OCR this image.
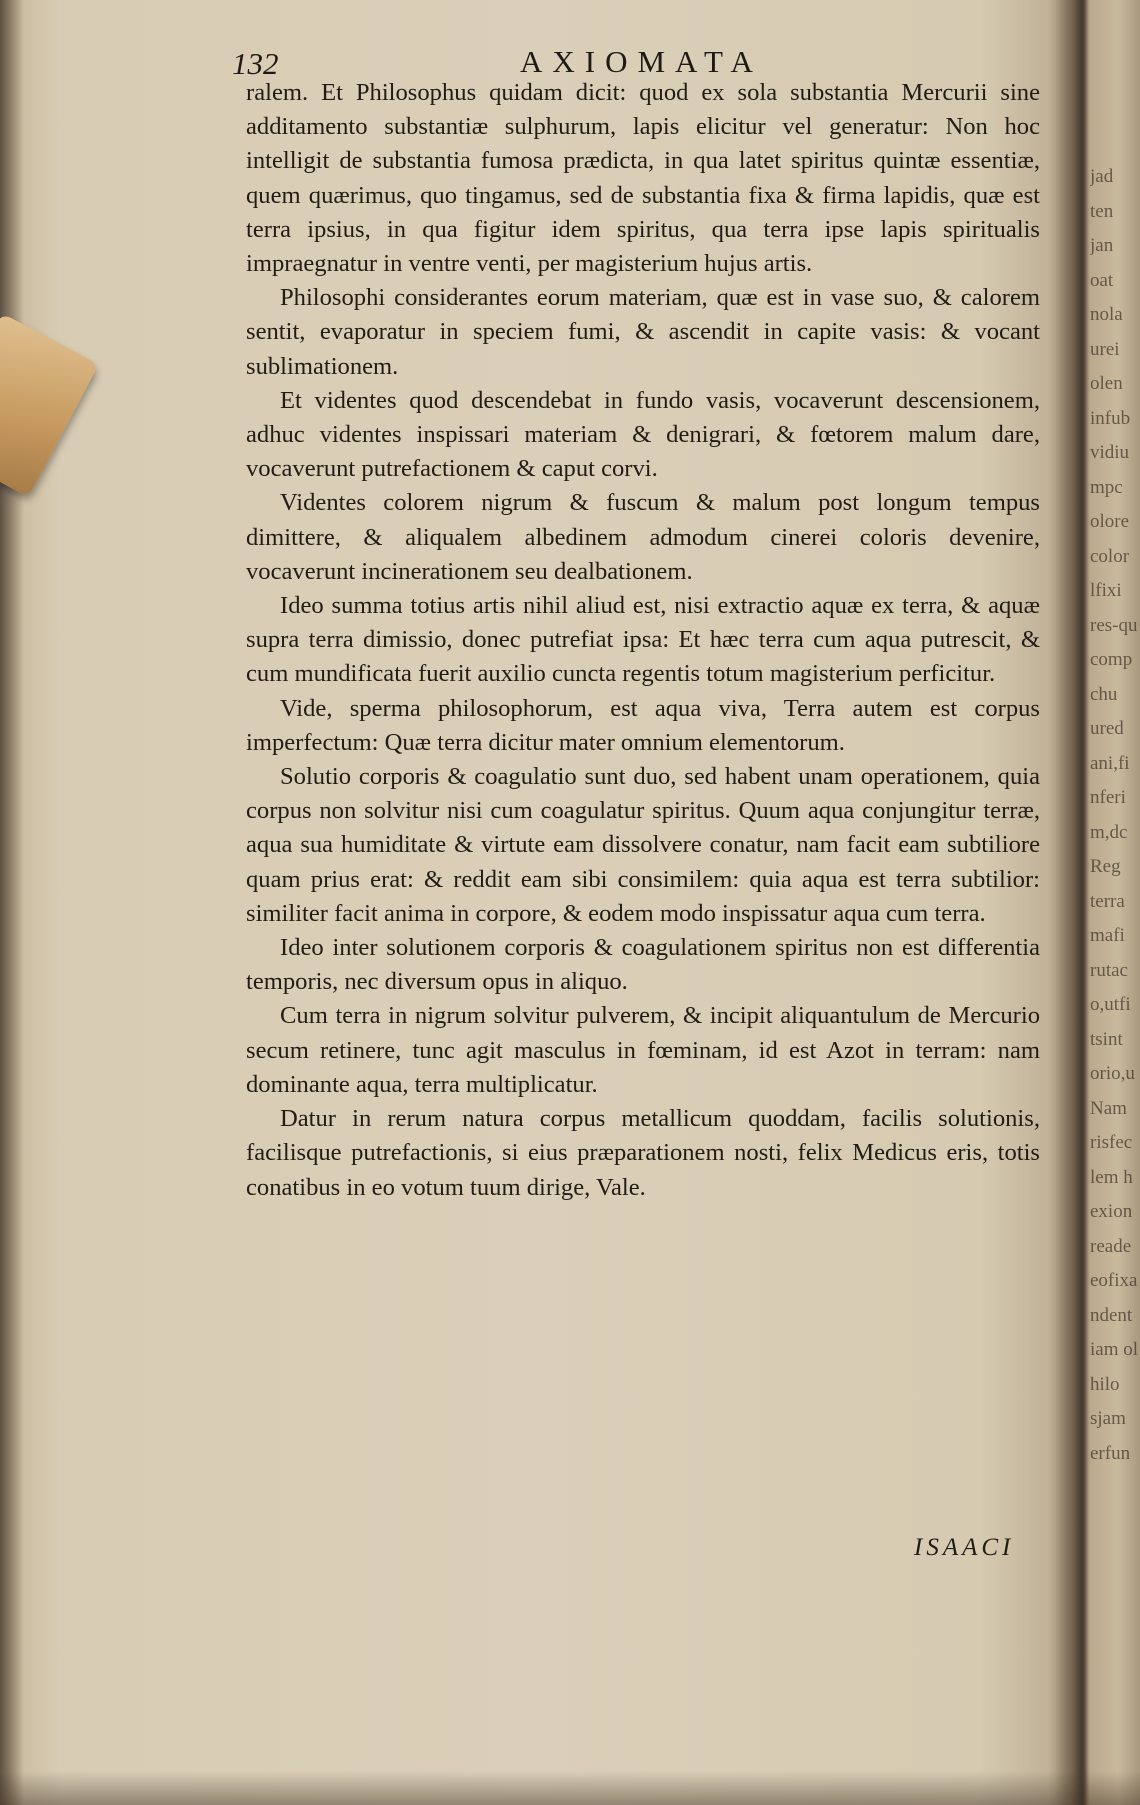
132	AXIOMATA

ralem. Et Philosophus quidam dicit: quod ex sola substantia Mercurii sine additamento substantiæ sulphurum, lapis elicitur vel generatur: Non hoc intelligit de substantia fumosa prædicta, in qua latet spiritus quintæ essentiæ, quem quærimus, quo tingamus, sed de substantia fixa & firma lapidis, quæ est terra ipsius, in qua figitur idem spiritus, qua terra ipse lapis spiritualis impraegnatur in ventre venti, per magisterium hujus artis.

Philosophi considerantes eorum materiam, quæ est in vase suo, & calorem sentit, evaporatur in speciem fumi, & ascendit in capite vasis: & vocant sublimationem.

Et videntes quod descendebat in fundo vasis, vocaverunt descensionem, adhuc videntes inspissari materiam & denigrari, & fœtorem malum dare, vocaverunt putrefactionem & caput corvi.

Videntes colorem nigrum & fuscum & malum post longum tempus dimittere, & aliqualem albedinem admodum cinerei coloris devenire, vocaverunt incinerationem seu dealbationem.

Ideo summa totius artis nihil aliud est, nisi extractio aquæ ex terra, & aquæ supra terra dimissio, donec putrefiat ipsa: Et hæc terra cum aqua putrescit, & cum mundificata fuerit auxilio cuncta regentis totum magisterium perficitur.

Vide, sperma philosophorum, est aqua viva, Terra autem est corpus imperfectum: Quæ terra dicitur mater omnium elementorum.

Solutio corporis & coagulatio sunt duo, sed habent unam operationem, quia corpus non solvitur nisi cum coagulatur spiritus. Quum aqua conjungitur terræ, aqua sua humiditate & virtute eam dissolvere conatur, nam facit eam subtiliore quam prius erat: & reddit eam sibi consimilem: quia aqua est terra subtilior: similiter facit anima in corpore, & eodem modo inspissatur aqua cum terra.

Ideo inter solutionem corporis & coagulationem spiritus non est differentia temporis, nec diversum opus in aliquo.

Cum terra in nigrum solvitur pulverem, & incipit aliquantulum de Mercurio secum retinere, tunc agit masculus in fœminam, id est Azot in terram: nam dominante aqua, terra multiplicatur.

Datur in rerum natura corpus metallicum quoddam, facilis solutionis, facilisque putrefactionis, si eius præparationem nosti, felix Medicus eris, totis conatibus in eo votum tuum dirige, Vale.

ISAACI
jad
ten
jan
oat
nola
urei
olen
infub
vidiu
mpc
olore
color
lfixi
res-qu
comp
chu
ured
ani,fi
nferi
m,dc
Reg
terra
mafi
rutac
o,utfi
tsint
orio,u
Nam
risfec
lem h
exion
reade
eofixa
ndent
iam ol
hilo
sjam
erfun
